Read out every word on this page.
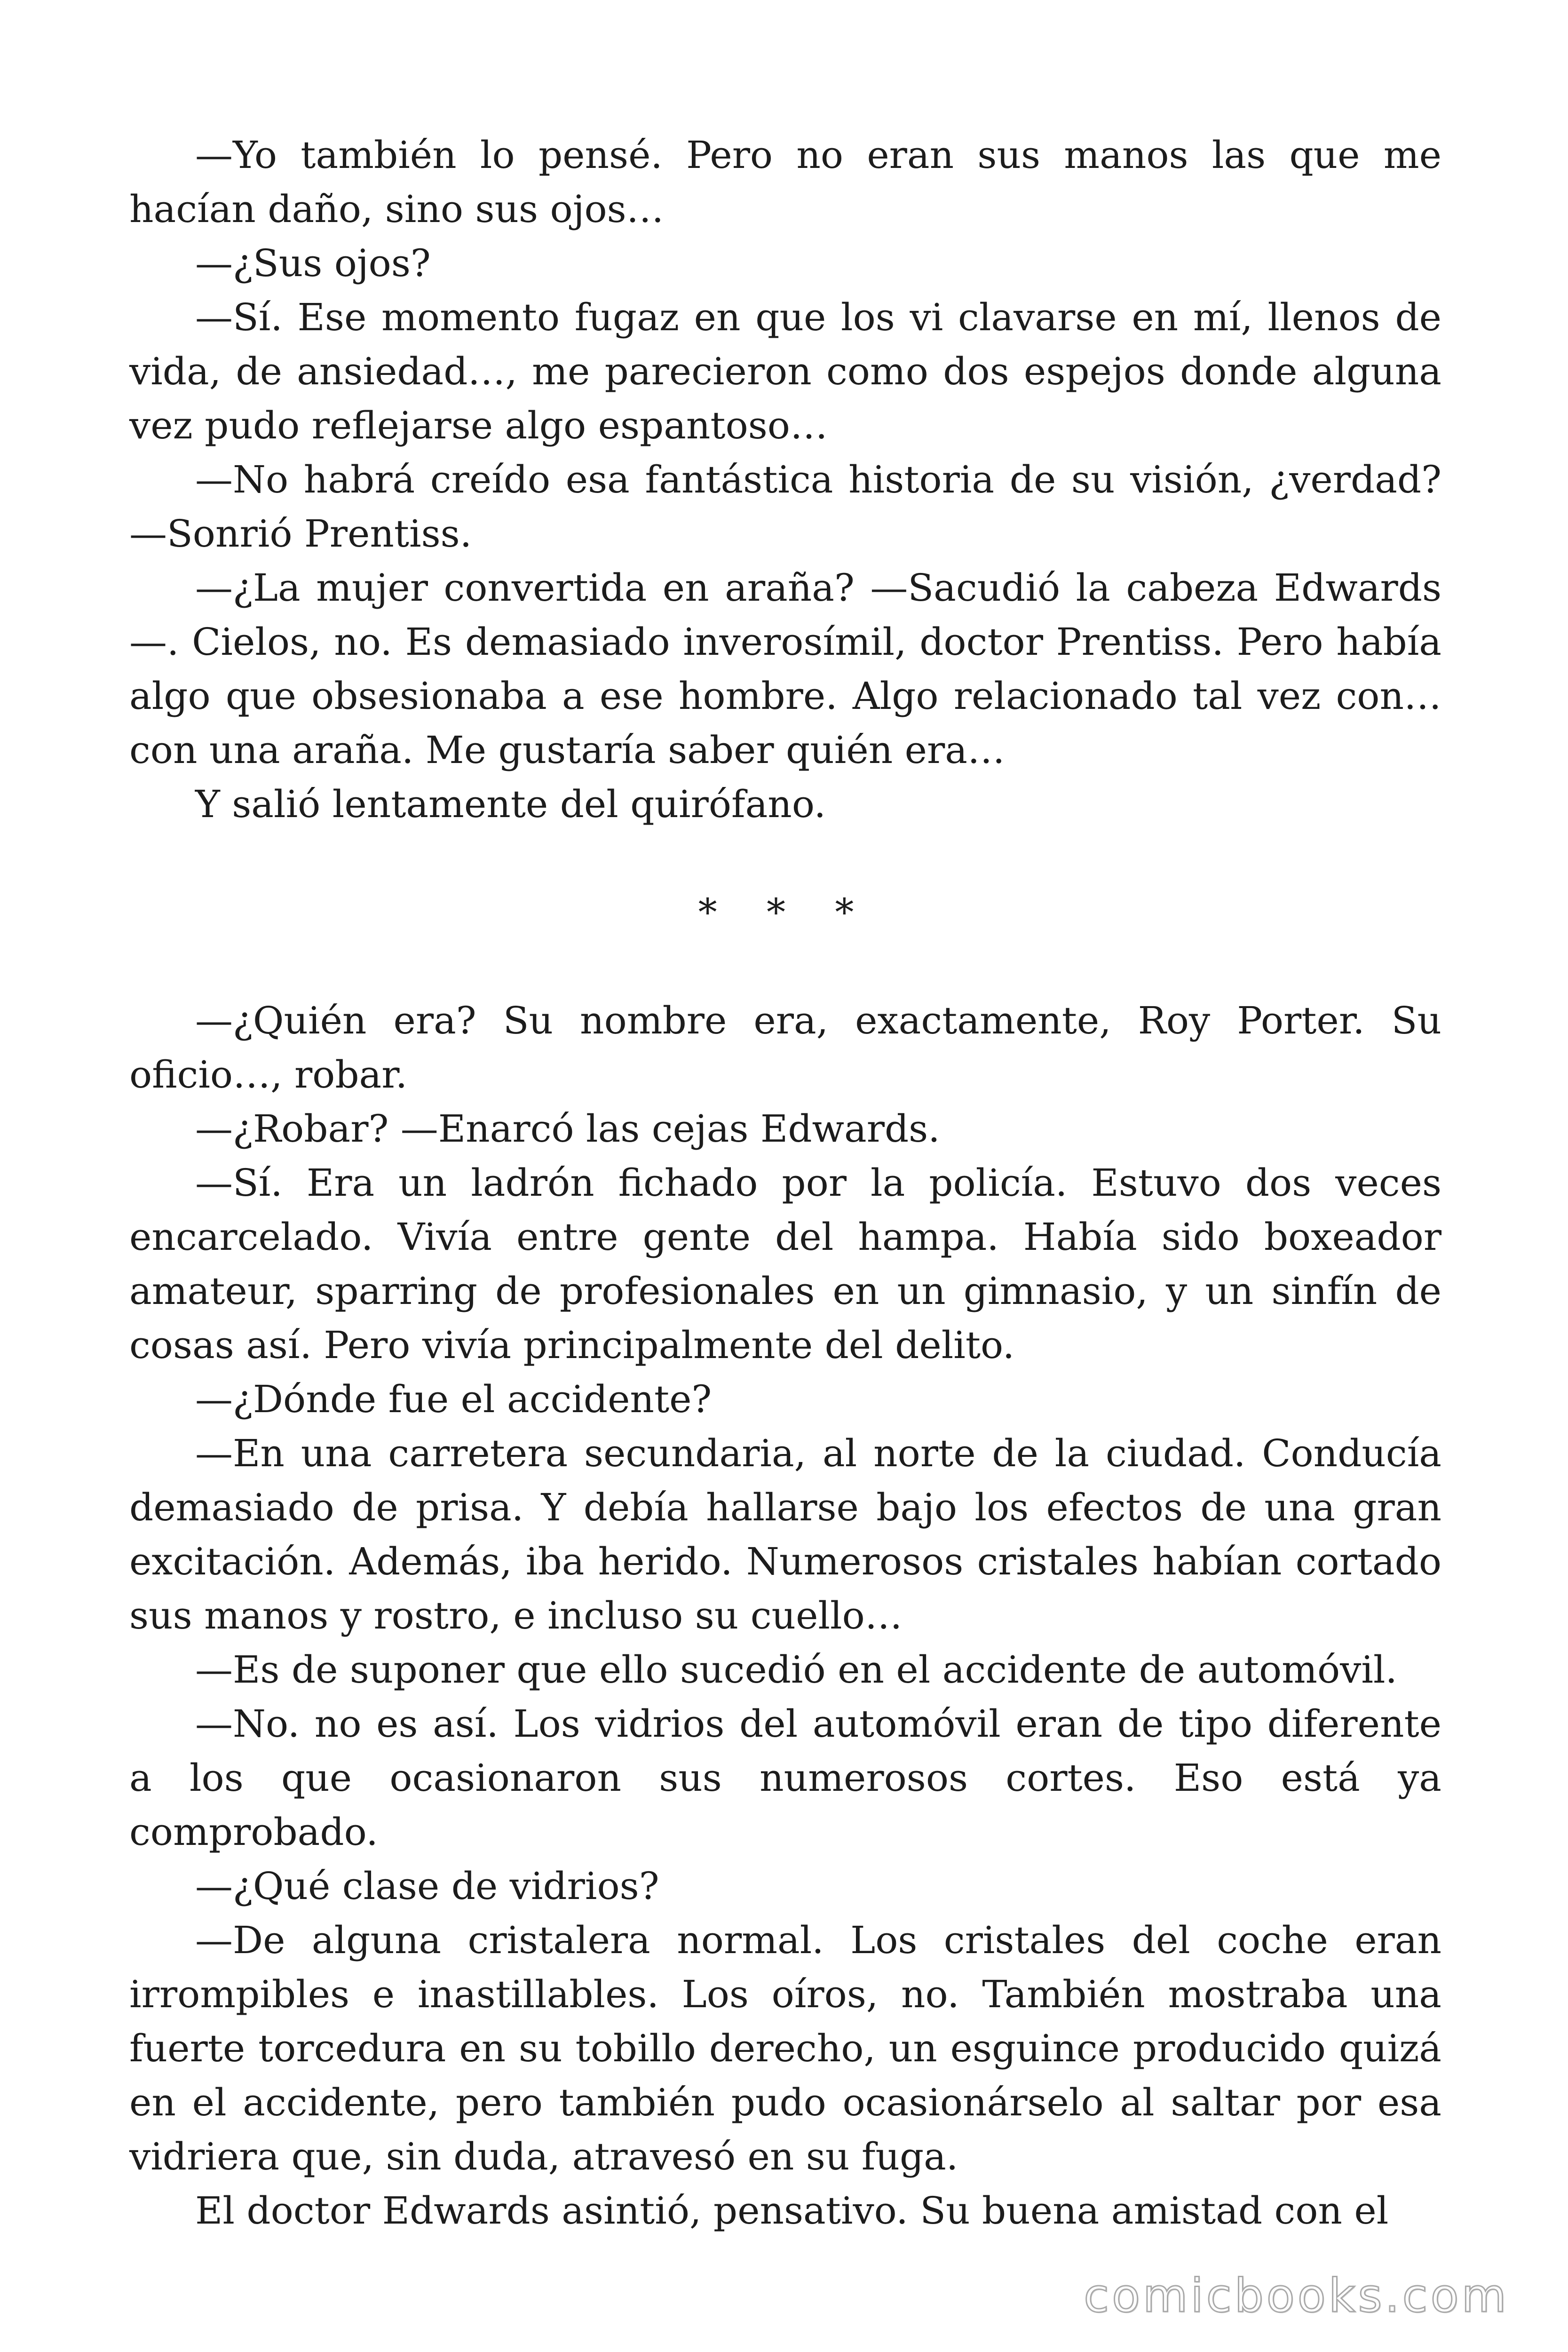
—Yo también lo pensé. Pero no eran sus manos las que me hacían daño, sino sus ojos…

—¿Sus ojos?

—Sí. Ese momento fugaz en que los vi clavarse en mí, llenos de vida, de ansiedad…, me parecieron como dos espejos donde alguna vez pudo reflejarse algo espantoso…

—No habrá creído esa fantástica historia de su visión, ¿verdad? —Sonrió Prentiss.

—¿La mujer convertida en araña? —Sacudió la cabeza Edwards —. Cielos, no. Es demasiado inverosímil, doctor Prentiss. Pero había algo que obsesionaba a ese hombre. Algo relacionado tal vez con… con una araña. Me gustaría saber quién era…

Y salió lentamente del quirófano.

* * *

—¿Quién era? Su nombre era, exactamente, Roy Porter. Su oficio…, robar.

—¿Robar? —Enarcó las cejas Edwards.

—Sí. Era un ladrón fichado por la policía. Estuvo dos veces encarcelado. Vivía entre gente del hampa. Había sido boxeador amateur, sparring de profesionales en un gimnasio, y un sinfín de cosas así. Pero vivía principalmente del delito.

—¿Dónde fue el accidente?

—En una carretera secundaria, al norte de la ciudad. Conducía demasiado de prisa. Y debía hallarse bajo los efectos de una gran excitación. Además, iba herido. Numerosos cristales habían cortado sus manos y rostro, e incluso su cuello…

—Es de suponer que ello sucedió en el accidente de automóvil.

—No. no es así. Los vidrios del automóvil eran de tipo diferente a los que ocasionaron sus numerosos cortes. Eso está ya comprobado.

—¿Qué clase de vidrios?

—De alguna cristalera normal. Los cristales del coche eran irrompibles e inastillables. Los oíros, no. También mostraba una fuerte torcedura en su tobillo derecho, un esguince producido quizá en el accidente, pero también pudo ocasionárselo al saltar por esa vidriera que, sin duda, atravesó en su fuga.

El doctor Edwards asintió, pensativo. Su buena amistad con el

comicbooks.com
